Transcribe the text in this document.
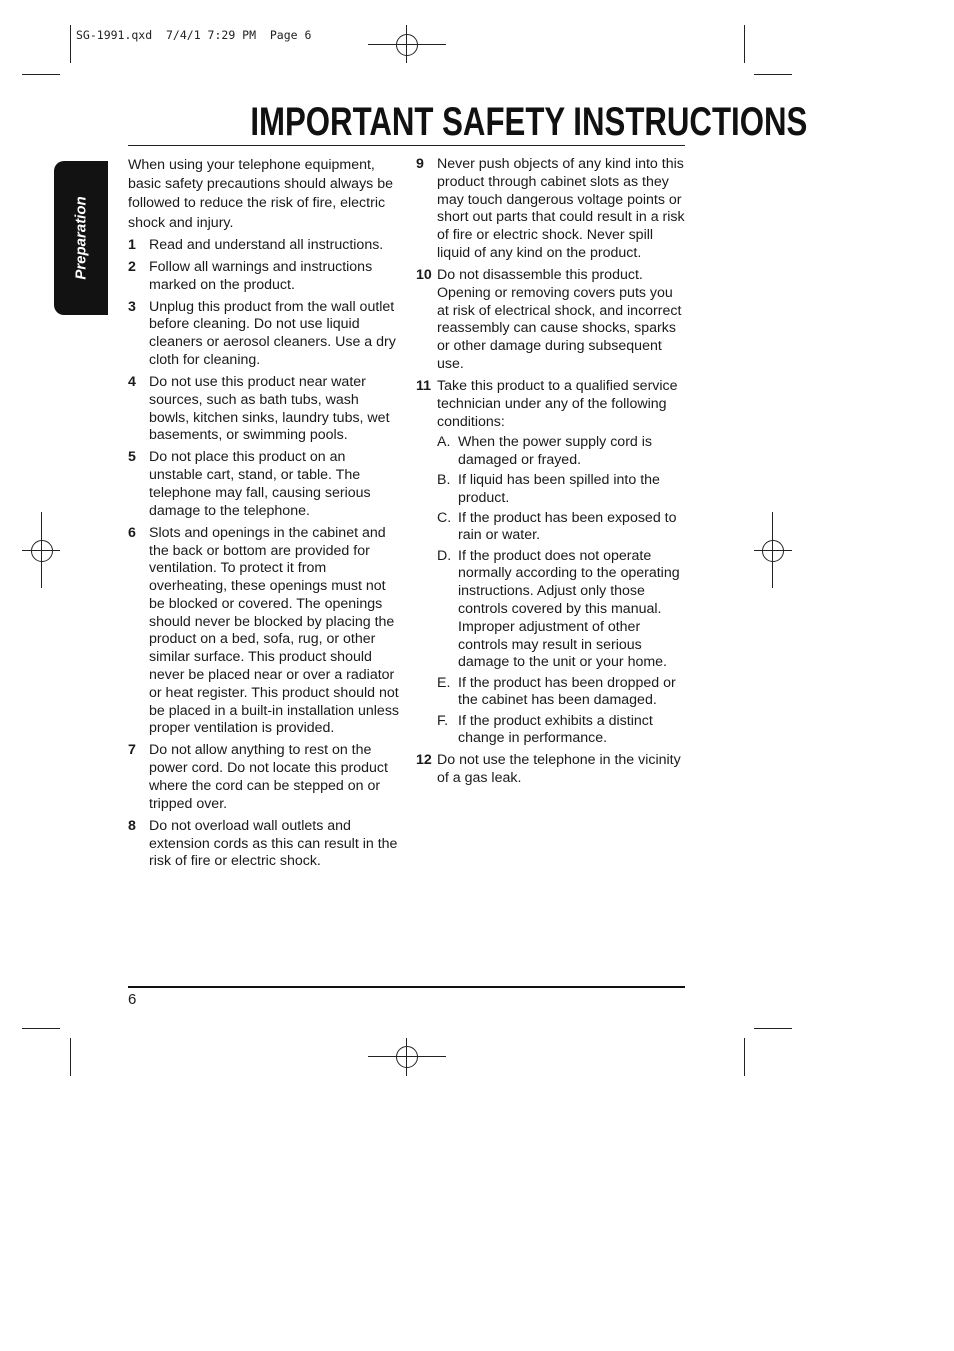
SG-1991.qxd  7/4/1 7:29 PM  Page 6
Preparation
IMPORTANT SAFETY INSTRUCTIONS

When using your telephone equipment, basic safety precautions should always be followed to reduce the risk of fire, electric shock and injury.

1 Read and understand all instructions.
2 Follow all warnings and instructions marked on the product.
3 Unplug this product from the wall outlet before cleaning. Do not use liquid cleaners or aerosol cleaners. Use a dry cloth for cleaning.
4 Do not use this product near water sources, such as bath tubs, wash bowls, kitchen sinks, laundry tubs, wet basements, or swimming pools.
5 Do not place this product on an unstable cart, stand, or table. The telephone may fall, causing serious damage to the telephone.
6 Slots and openings in the cabinet and the back or bottom are provided for ventilation. To protect it from overheating, these openings must not be blocked or covered. The openings should never be blocked by placing the product on a bed, sofa, rug, or other similar surface. This product should never be placed near or over a radiator or heat register. This product should not be placed in a built-in installation unless proper ventilation is provided.
7 Do not allow anything to rest on the power cord. Do not locate this product where the cord can be stepped on or tripped over.
8 Do not overload wall outlets and extension cords as this can result in the risk of fire or electric shock.
9 Never push objects of any kind into this product through cabinet slots as they may touch dangerous voltage points or short out parts that could result in a risk of fire or electric shock. Never spill liquid of any kind on the product.
10 Do not disassemble this product. Opening or removing covers puts you at risk of electrical shock, and incorrect reassembly can cause shocks, sparks or other damage during subsequent use.
11 Take this product to a qualified service technician under any of the following conditions:
A. When the power supply cord is damaged or frayed.
B. If liquid has been spilled into the product.
C. If the product has been exposed to rain or water.
D. If the product does not operate normally according to the operating instructions. Adjust only those controls covered by this manual. Improper adjustment of other controls may result in serious damage to the unit or your home.
E. If the product has been dropped or the cabinet has been damaged.
F. If the product exhibits a distinct change in performance.
12 Do not use the telephone in the vicinity of a gas leak.
6
